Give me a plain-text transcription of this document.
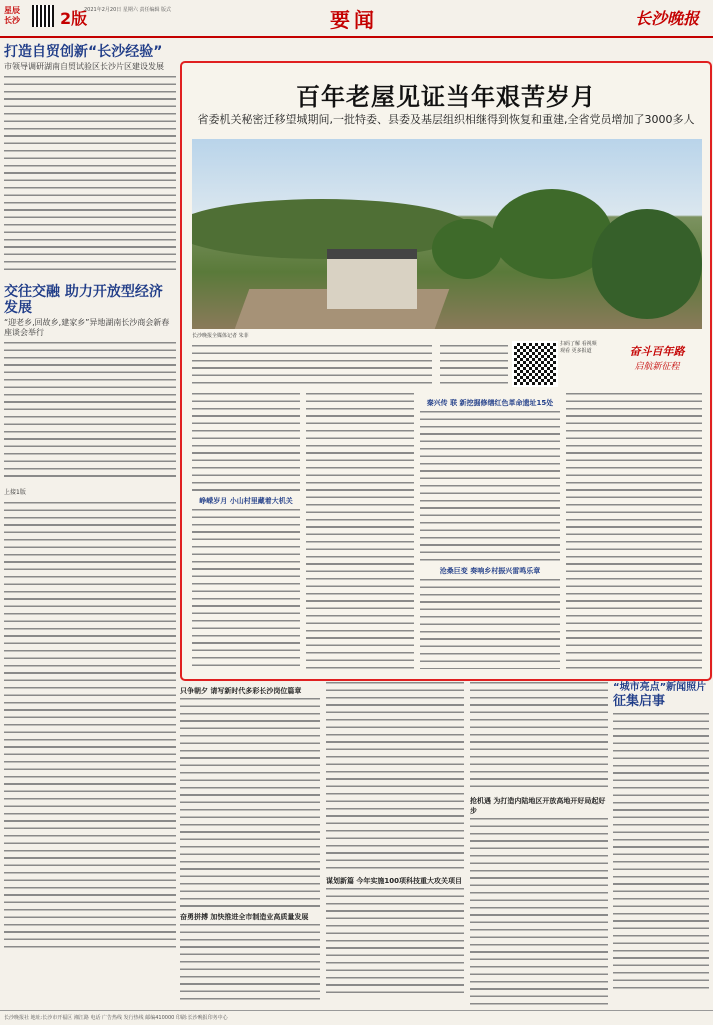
星辰长沙	2版
2021年2月20日 星期六 责任编辑 版式	要闻	长沙晚报
打造自贸创新“长沙经验”
市领导调研湖南自贸试验区长沙片区建设发展
交往交融 助力开放型经济发展
“迎老乡,回故乡,建家乡”异地湖南长沙商会新春座谈会举行
上接1版
百年老屋见证当年艰苦岁月
省委机关秘密迁移望城期间,一批特委、县委及基层组织相继得到恢复和重建,全省党员增加了3000多人
长沙晚报全媒体记者 朱菲
扫码了解 看视频 观看 更多报道	奋斗百年路
启航新征程
峥嵘岁月 小山村里藏着大机关
秦兴传 联 新挖掘修缮红色革命遗址15处
沧桑巨变 奏响乡村振兴雷鸣乐章
只争朝夕 请写新时代多彩长沙岗位篇章
奋勇拼搏 加快推进全市制造业高质量发展
谋划新篇 今年实施100项科技重大攻关项目
抢机遇 为打造内陆地区开放高地开好局起好步
“城市亮点”新闻照片
征集启事
长沙晚报社 地址:长沙市开福区 湘江路 电话 广告热线 发行热线 邮编410000 印刷:长沙晚报印务中心
